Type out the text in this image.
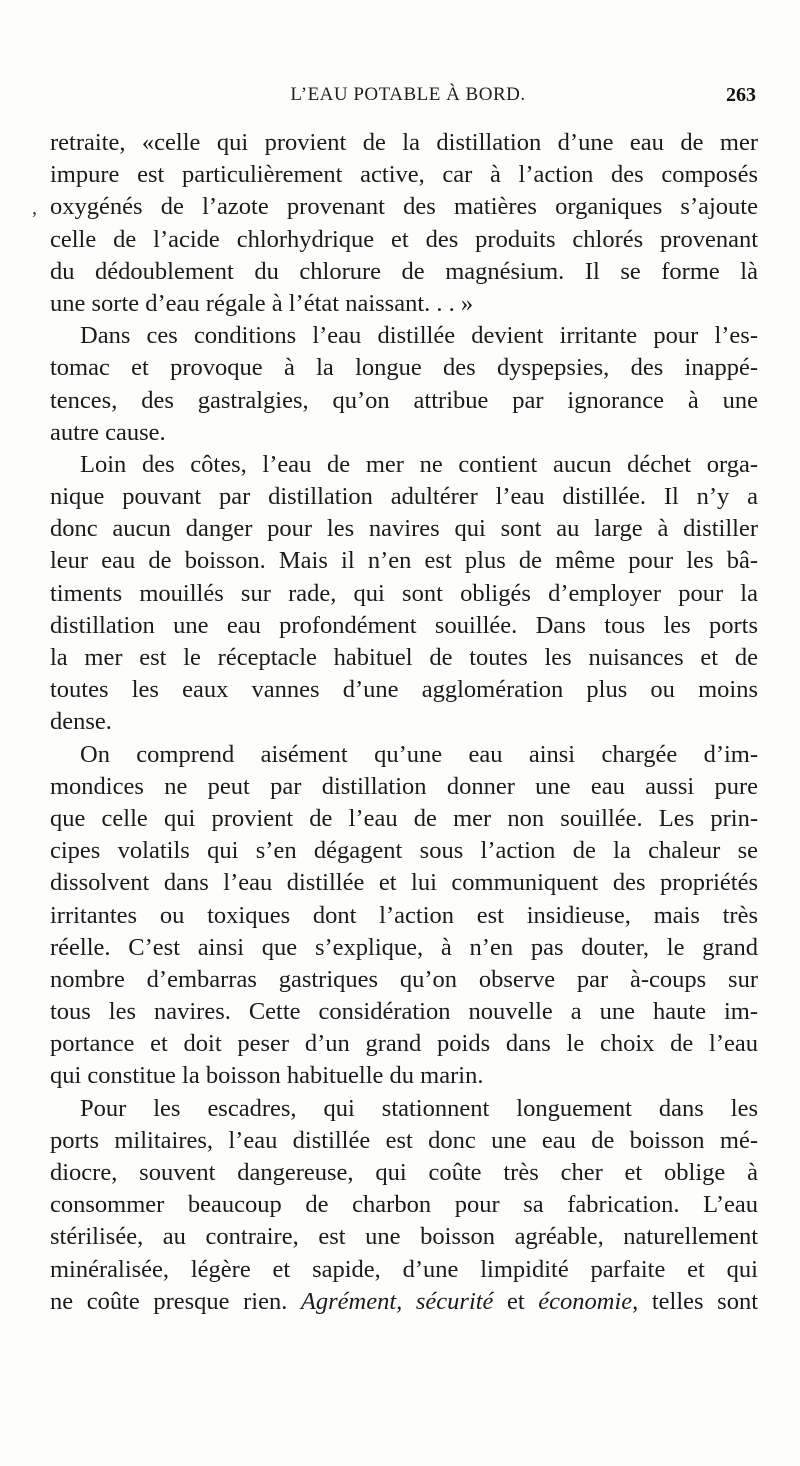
L’EAU POTABLE À BORD.	263
,
retraite, «celle qui provient de la distillation d’une eau de mer
impure est particulièrement active, car à l’action des composés
oxygénés de l’azote provenant des matières organiques s’ajoute
celle de l’acide chlorhydrique et des produits chlorés provenant
du dédoublement du chlorure de magnésium. Il se forme là
une sorte d’eau régale à l’état naissant. . . »
Dans ces conditions l’eau distillée devient irritante pour l’es-
tomac et provoque à la longue des dyspepsies, des inappé-
tences, des gastralgies, qu’on attribue par ignorance à une
autre cause.
Loin des côtes, l’eau de mer ne contient aucun déchet orga-
nique pouvant par distillation adultérer l’eau distillée. Il n’y a
donc aucun danger pour les navires qui sont au large à distiller
leur eau de boisson. Mais il n’en est plus de même pour les bâ-
timents mouillés sur rade, qui sont obligés d’employer pour la
distillation une eau profondément souillée. Dans tous les ports
la mer est le réceptacle habituel de toutes les nuisances et de
toutes les eaux vannes d’une agglomération plus ou moins
dense.
On comprend aisément qu’une eau ainsi chargée d’im-
mondices ne peut par distillation donner une eau aussi pure
que celle qui provient de l’eau de mer non souillée. Les prin-
cipes volatils qui s’en dégagent sous l’action de la chaleur se
dissolvent dans l’eau distillée et lui communiquent des propriétés
irritantes ou toxiques dont l’action est insidieuse, mais très
réelle. C’est ainsi que s’explique, à n’en pas douter, le grand
nombre d’embarras gastriques qu’on observe par à-coups sur
tous les navires. Cette considération nouvelle a une haute im-
portance et doit peser d’un grand poids dans le choix de l’eau
qui constitue la boisson habituelle du marin.
Pour les escadres, qui stationnent longuement dans les
ports militaires, l’eau distillée est donc une eau de boisson mé-
diocre, souvent dangereuse, qui coûte très cher et oblige à
consommer beaucoup de charbon pour sa fabrication. L’eau
stérilisée, au contraire, est une boisson agréable, naturellement
minéralisée, légère et sapide, d’une limpidité parfaite et qui
ne coûte presque rien. Agrément, sécurité et économie, telles sont
